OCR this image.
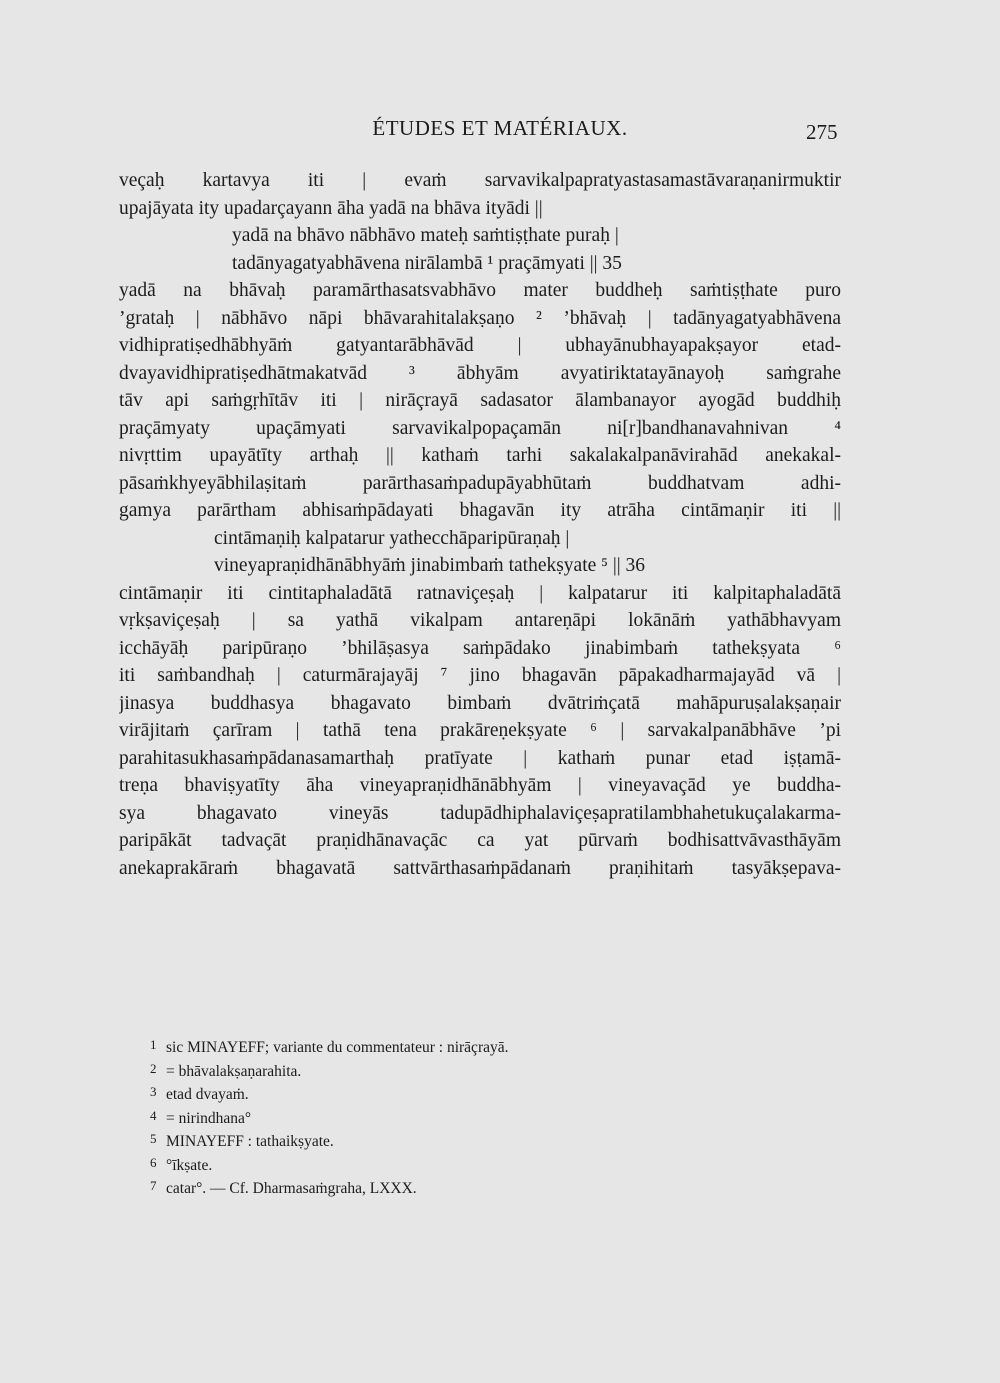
ÉTUDES ET MATÉRIAUX.	275
veçaḥ kartavya iti | evaṁ sarvavikalpapratyastasamastāvaraṇanirmuktir
upajāyata ity upadarçayann āha yadā na bhāva ityādi ||
yadā na bhāvo nābhāvo mateḥ saṁtiṣṭhate puraḥ |
tadānyagatyabhāvena nirālambā ¹ praçāmyati || 35
yadā na bhāvaḥ paramārthasatsvabhāvo mater buddheḥ saṁtiṣṭhate puro
’grataḥ | nābhāvo nāpi bhāvarahitalakṣaṇo ² ’bhāvaḥ | tadānyagatyabhāvena
vidhipratiṣedhābhyāṁ gatyantarābhāvād | ubhayānubhayapakṣayor etad-
dvayavidhipratiṣedhātmakatvād ³ ābhyām avyatiriktatayānayoḥ saṁgrahe
tāv api saṁgṛhītāv iti | nirāçrayā sadasator ālambanayor ayogād buddhiḥ
praçāmyaty upaçāmyati sarvavikalpopaçamān ni[r]bandhanavahnivan ⁴
nivṛttim upayātīty arthaḥ || kathaṁ tarhi sakalakalpanāvirahād anekakal-
pāsaṁkhyeyābhilaṣitaṁ parārthasaṁpadupāyabhūtaṁ buddhatvam adhi-
gamya parārtham abhisaṁpādayati bhagavān ity atrāha cintāmaṇir iti ||
cintāmaṇiḥ kalpatarur yathecchāparipūraṇaḥ |
vineyapraṇidhānābhyāṁ jinabimbaṁ tathekṣyate ⁵ || 36
cintāmaṇir iti cintitaphaladātā ratnaviçeṣaḥ | kalpatarur iti kalpitaphaladātā
vṛkṣaviçeṣaḥ | sa yathā vikalpam antareṇāpi lokānāṁ yathābhavyam
icchāyāḥ paripūraṇo ’bhilāṣasya saṁpādako jinabimbaṁ tathekṣyata ⁶
iti saṁbandhaḥ | caturmārajayāj ⁷ jino bhagavān pāpakadharmajayād vā |
jinasya buddhasya bhagavato bimbaṁ dvātriṁçatā mahāpuruṣalakṣaṇair
virājitaṁ çarīram | tathā tena prakāreṇekṣyate ⁶ | sarvakalpanābhāve ’pi
parahitasukhasaṁpādanasamarthaḥ pratīyate | kathaṁ punar etad iṣṭamā-
treṇa bhaviṣyatīty āha vineyapraṇidhānābhyām | vineyavaçād ye buddha-
sya bhagavato vineyās tadupādhiphalaviçeṣapratilambhahetukuçalakarma-
paripākāt tadvaçāt praṇidhānavaçāc ca yat pūrvaṁ bodhisattvāvasthāyām
anekaprakāraṁ bhagavatā sattvārthasaṁpādanaṁ praṇihitaṁ tasyākṣepava-
1 sic MINAYEFF; variante du commentateur : nirāçrayā.
2 = bhāvalakṣaṇarahita.
3 etad dvayaṁ.
4 = nirindhana°
5 MINAYEFF : tathaikṣyate.
6 °īkṣate.
7 catar°. — Cf. Dharmasaṁgraha, LXXX.
